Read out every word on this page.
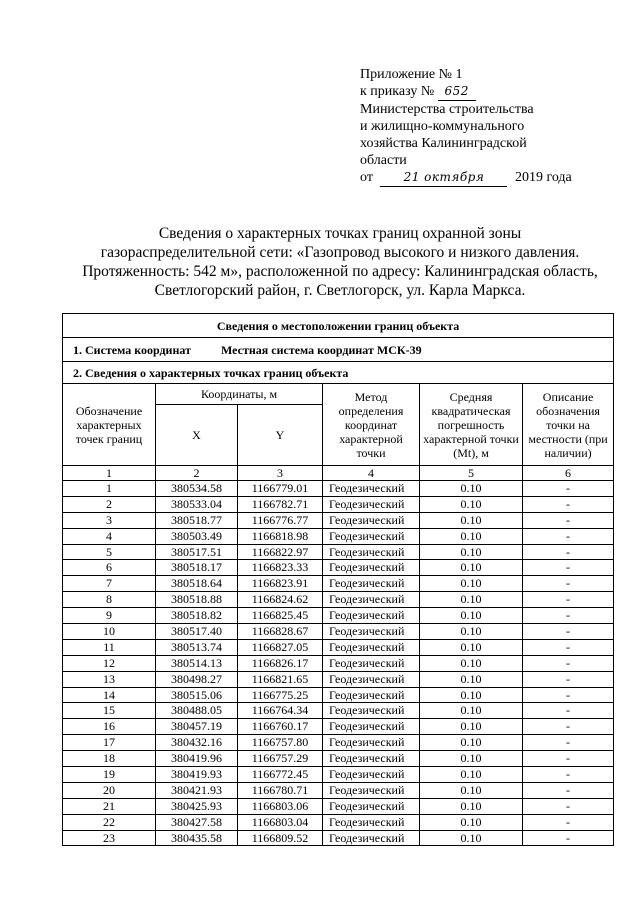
Приложение № 1
к приказу № 652
Министерства строительства
и жилищно-коммунального
хозяйства Калининградской
области
от	21 октября 2019 года
Сведения о характерных точках границ охранной зоны
газораспределительной сети: «Газопровод высокого и низкого давления.
Протяженность: 542 м», расположенной по адресу: Калининградская область,
Светлогорский район, г. Светлогорск, ул. Карла Маркса.
Сведения о местоположении границ объекта					
1. Система координат Местная система координат МСК-39					
2. Сведения о характерных точках границ объекта					
Обозначение характерных точек границ	Координаты, м		Метод определения координат характерной точки	Средняя квадратическая погрешность характерной точки (Mt), м	Описание обозначения точки на местности (при наличии)
	X	Y			
1	2	3	4	5	6
1	380534.58	1166779.01	Геодезический	0.10	-
2	380533.04	1166782.71	Геодезический	0.10	-
3	380518.77	1166776.77	Геодезический	0.10	-
4	380503.49	1166818.98	Геодезический	0.10	-
5	380517.51	1166822.97	Геодезический	0.10	-
6	380518.17	1166823.33	Геодезический	0.10	-
7	380518.64	1166823.91	Геодезический	0.10	-
8	380518.88	1166824.62	Геодезический	0.10	-
9	380518.82	1166825.45	Геодезический	0.10	-
10	380517.40	1166828.67	Геодезический	0.10	-
11	380513.74	1166827.05	Геодезический	0.10	-
12	380514.13	1166826.17	Геодезический	0.10	-
13	380498.27	1166821.65	Геодезический	0.10	-
14	380515.06	1166775.25	Геодезический	0.10	-
15	380488.05	1166764.34	Геодезический	0.10	-
16	380457.19	1166760.17	Геодезический	0.10	-
17	380432.16	1166757.80	Геодезический	0.10	-
18	380419.96	1166757.29	Геодезический	0.10	-
19	380419.93	1166772.45	Геодезический	0.10	-
20	380421.93	1166780.71	Геодезический	0.10	-
21	380425.93	1166803.06	Геодезический	0.10	-
22	380427.58	1166803.04	Геодезический	0.10	-
23	380435.58	1166809.52	Геодезический	0.10	-
